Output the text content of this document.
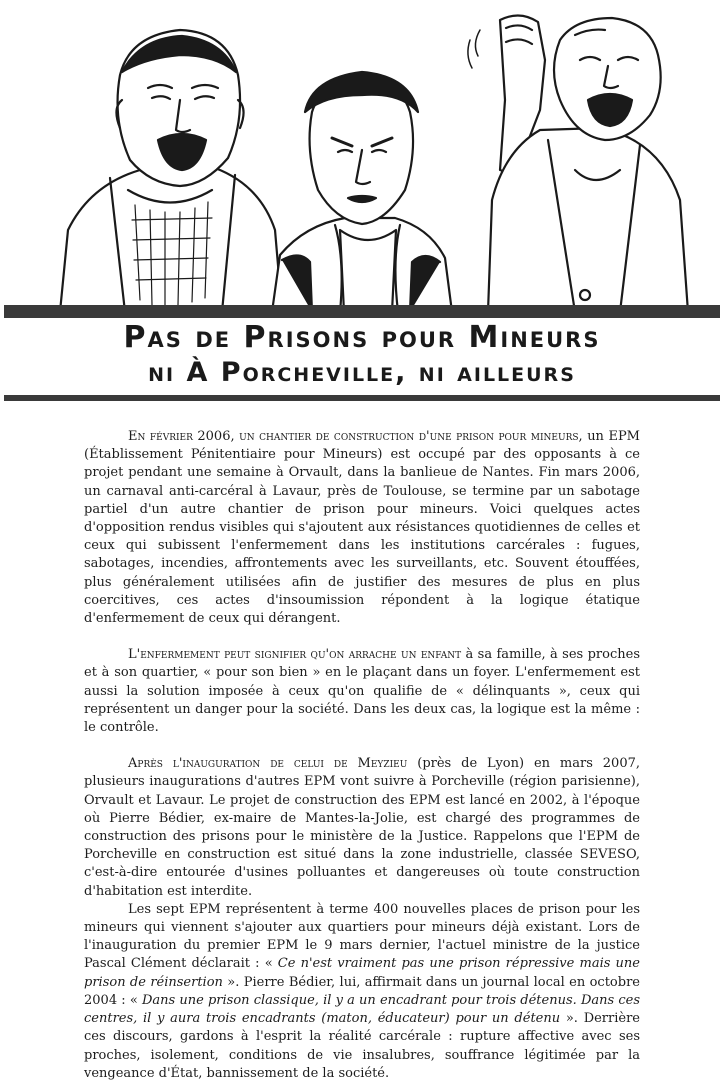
Pas de Prisons pour Mineurs

ni À Porcheville, ni ailleurs

En février 2006, un chantier de construction d'une prison pour mineurs, un EPM (Établissement Pénitentiaire pour Mineurs) est occupé par des opposants à ce projet pendant une semaine à Orvault, dans la banlieue de Nantes. Fin mars 2006, un carnaval anti-carcéral à Lavaur, près de Toulouse, se termine par un sabotage partiel d'un autre chantier de prison pour mineurs. Voici quelques actes d'opposition rendus visibles qui s'ajoutent aux résistances quotidiennes de celles et ceux qui subissent l'enfermement dans les institutions carcérales : fugues, sabotages, incendies, affrontements avec les surveillants, etc. Souvent étouffées, plus généralement utilisées afin de justifier des mesures de plus en plus coercitives, ces actes d'insoumission répondent à la logique étatique d'enfermement de ceux qui dérangent.

L'enfermement peut signifier qu'on arrache un enfant à sa famille, à ses proches et à son quartier, « pour son bien » en le plaçant dans un foyer. L'enfermement est aussi la solution imposée à ceux qu'on qualifie de « délinquants », ceux qui représentent un danger pour la société. Dans les deux cas, la logique est la même : le contrôle.

Après l'inauguration de celui de Meyzieu (près de Lyon) en mars 2007, plusieurs inaugurations d'autres EPM vont suivre à Porcheville (région parisienne), Orvault et Lavaur. Le projet de construction des EPM est lancé en 2002, à l'époque où Pierre Bédier, ex-maire de Mantes-la-Jolie, est chargé des programmes de construction des prisons pour le ministère de la Justice. Rappelons que l'EPM de Porcheville en construction est situé dans la zone industrielle, classée SEVESO, c'est-à-dire entourée d'usines polluantes et dangereuses où toute construction d'habitation est interdite.

Les sept EPM représentent à terme 400 nouvelles places de prison pour les mineurs qui viennent s'ajouter aux quartiers pour mineurs déjà existant. Lors de l'inauguration du premier EPM le 9 mars dernier, l'actuel ministre de la justice Pascal Clément déclarait : « Ce n'est vraiment pas une prison répressive mais une prison de réinsertion ». Pierre Bédier, lui, affirmait dans un journal local en octobre 2004 : « Dans une prison classique, il y a un encadrant pour trois détenus. Dans ces centres, il y aura trois encadrants (maton, éducateur) pour un détenu ». Derrière ces discours, gardons à l'esprit la réalité carcérale : rupture affective avec ses proches, isolement, conditions de vie insalubres, souffrance légitimée par la vengeance d'État, bannissement de la société.
